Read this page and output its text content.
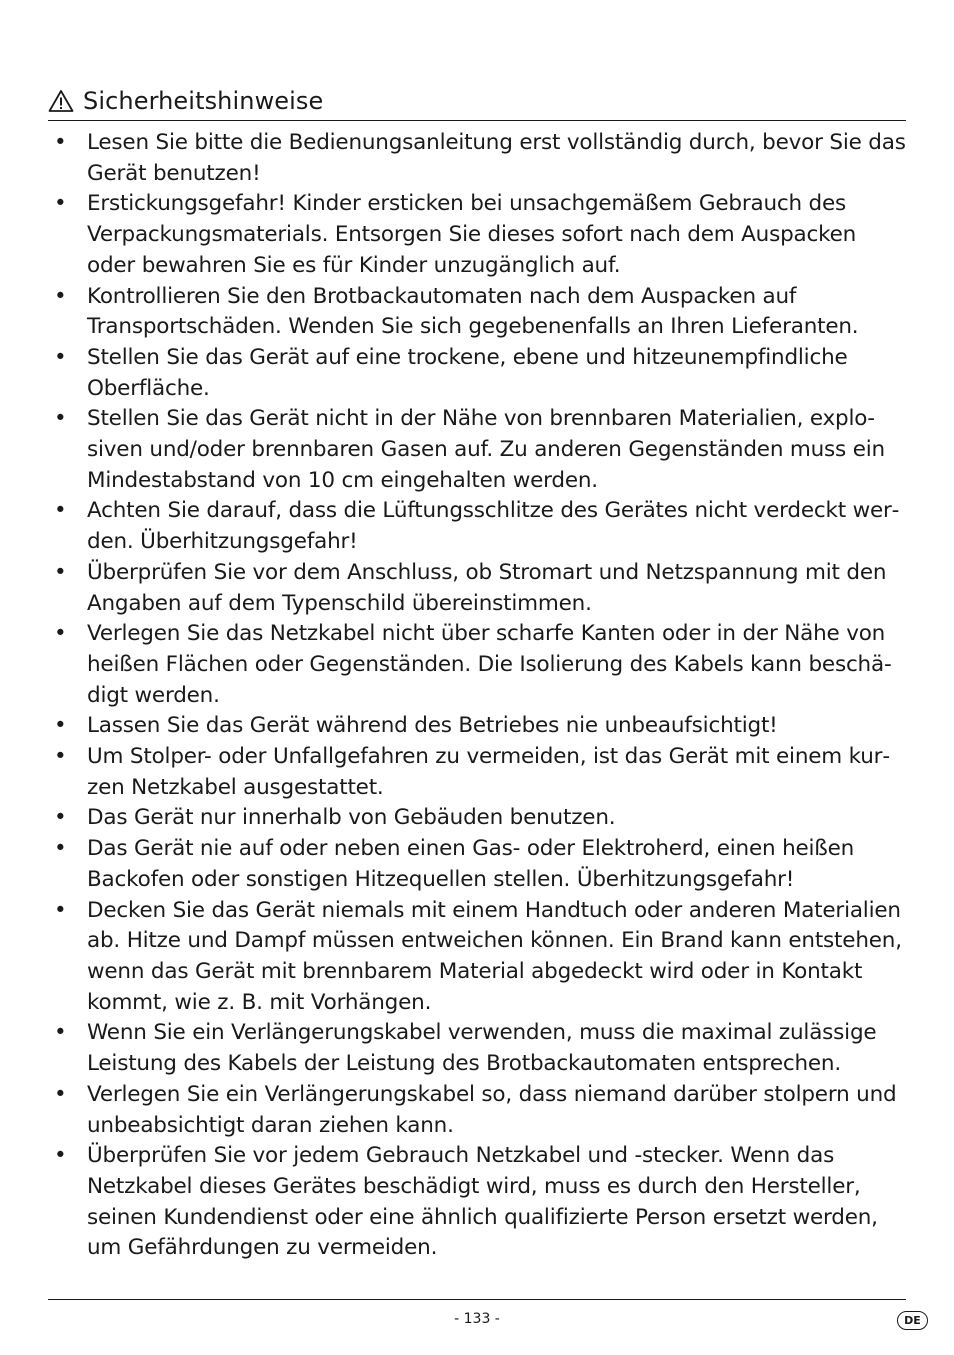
Sicherheitshinweise
• Lesen Sie bitte die Bedienungsanleitung erst vollständig durch, bevor Sie das Gerät benutzen!
• Erstickungsgefahr! Kinder ersticken bei unsachgemäßem Gebrauch des Verpackungsmaterials. Entsorgen Sie dieses sofort nach dem Auspacken oder bewahren Sie es für Kinder unzugänglich auf.
• Kontrollieren Sie den Brotbackautomaten nach dem Auspacken auf Transportschäden. Wenden Sie sich gegebenenfalls an Ihren Lieferanten.
• Stellen Sie das Gerät auf eine trockene, ebene und hitzeunempfindliche Oberfläche.
• Stellen Sie das Gerät nicht in der Nähe von brennbaren Materialien, explosiven und/oder brennbaren Gasen auf. Zu anderen Gegenständen muss ein Mindestabstand von 10 cm eingehalten werden.
• Achten Sie darauf, dass die Lüftungsschlitze des Gerätes nicht verdeckt werden. Überhitzungsgefahr!
• Überprüfen Sie vor dem Anschluss, ob Stromart und Netzspannung mit den Angaben auf dem Typenschild übereinstimmen.
• Verlegen Sie das Netzkabel nicht über scharfe Kanten oder in der Nähe von heißen Flächen oder Gegenständen. Die Isolierung des Kabels kann beschädigt werden.
• Lassen Sie das Gerät während des Betriebes nie unbeaufsichtigt!
• Um Stolper- oder Unfallgefahren zu vermeiden, ist das Gerät mit einem kurzen Netzkabel ausgestattet.
• Das Gerät nur innerhalb von Gebäuden benutzen.
• Das Gerät nie auf oder neben einen Gas- oder Elektroherd, einen heißen Backofen oder sonstigen Hitzequellen stellen. Überhitzungsgefahr!
• Decken Sie das Gerät niemals mit einem Handtuch oder anderen Materialien ab. Hitze und Dampf müssen entweichen können. Ein Brand kann entstehen, wenn das Gerät mit brennbarem Material abgedeckt wird oder in Kontakt kommt, wie z. B. mit Vorhängen.
• Wenn Sie ein Verlängerungskabel verwenden, muss die maximal zulässige Leistung des Kabels der Leistung des Brotbackautomaten entsprechen.
• Verlegen Sie ein Verlängerungskabel so, dass niemand darüber stolpern und unbeabsichtigt daran ziehen kann.
• Überprüfen Sie vor jedem Gebrauch Netzkabel und -stecker. Wenn das Netzkabel dieses Gerätes beschädigt wird, muss es durch den Hersteller, seinen Kundendienst oder eine ähnlich qualifizierte Person ersetzt werden, um Gefährdungen zu vermeiden.
- 133 -	DE
